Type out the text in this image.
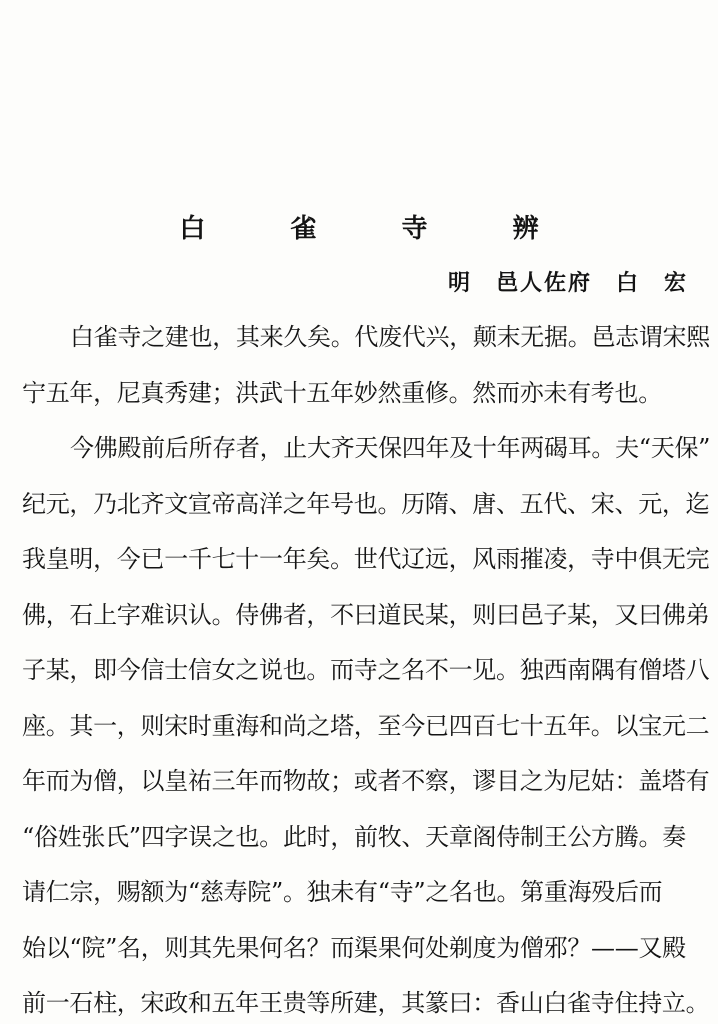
白 雀 寺 辨
明　邑人佐府　白　宏
白雀寺之建也，其来久矣。代废代兴，颠末无据。邑志谓宋熙
宁五年，尼真秀建；洪武十五年妙然重修。然而亦未有考也。
今佛殿前后所存者，止大齐天保四年及十年两碣耳。夫“天保”
纪元，乃北齐文宣帝高洋之年号也。历隋、唐、五代、宋、元，迄
我皇明，今已一千七十一年矣。世代辽远，风雨摧凌，寺中俱无完
佛，石上字难识认。侍佛者，不曰道民某，则曰邑子某，又曰佛弟
子某，即今信士信女之说也。而寺之名不一见。独西南隅有僧塔八
座。其一，则宋时重海和尚之塔，至今已四百七十五年。以宝元二
年而为僧，以皇祐三年而物故；或者不察，谬目之为尼姑：盖塔有
“俗姓张氏”四字误之也。此时，前牧、天章阁侍制王公方腾。奏
请仁宗，赐额为“慈寿院”。独未有“寺”之名也。第重海殁后而
始以“院”名，则其先果何名？而渠果何处剃度为僧邪？——又殿
前一石柱，宋政和五年王贵等所建，其篆曰：香山白雀寺住持立。
